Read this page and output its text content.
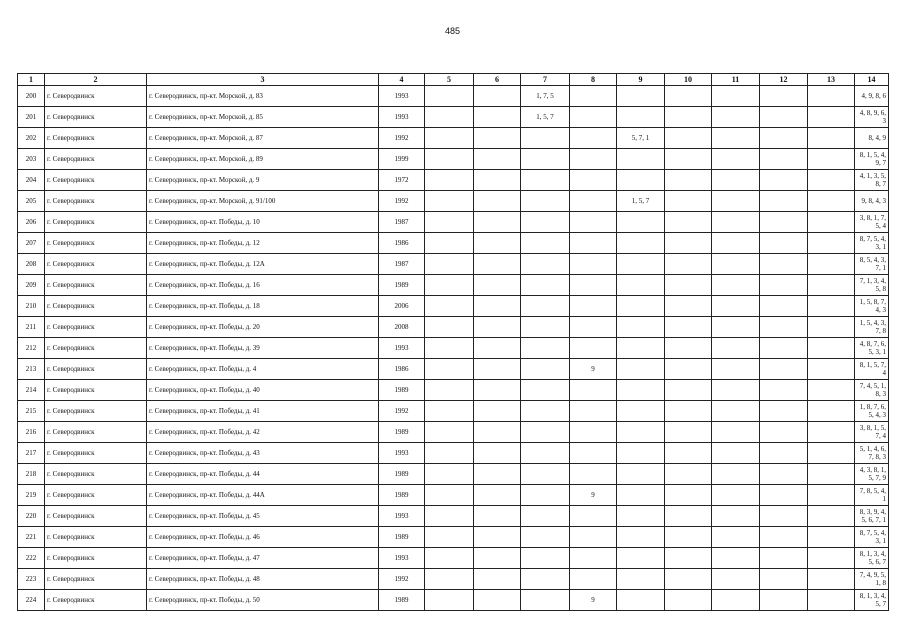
485
1	2	3	4	5	6	7	8	9	10	11	12	13	14
200	г. Северодвинск	г. Северодвинск, пр-кт. Морской, д. 83	1993			1, 7, 5							4, 9, 8, 6
201	г. Северодвинск	г. Северодвинск, пр-кт. Морской, д. 85	1993			1, 5, 7							4, 8, 9, 6, 3
202	г. Северодвинск	г. Северодвинск, пр-кт. Морской, д. 87	1992					5, 7, 1					8, 4, 9
203	г. Северодвинск	г. Северодвинск, пр-кт. Морской, д. 89	1999										8, 1, 5, 4, 9, 7
204	г. Северодвинск	г. Северодвинск, пр-кт. Морской, д. 9	1972										4, 1, 3, 5, 8, 7
205	г. Северодвинск	г. Северодвинск, пр-кт. Морской, д. 91/100	1992					1, 5, 7					9, 8, 4, 3
206	г. Северодвинск	г. Северодвинск, пр-кт. Победы, д. 10	1987										3, 8, 1, 7, 5, 4
207	г. Северодвинск	г. Северодвинск, пр-кт. Победы, д. 12	1986										8, 7, 5, 4, 3, 1
208	г. Северодвинск	г. Северодвинск, пр-кт. Победы, д. 12А	1987										8, 5, 4, 3, 7, 1
209	г. Северодвинск	г. Северодвинск, пр-кт. Победы, д. 16	1989										7, 1, 3, 4, 5, 8
210	г. Северодвинск	г. Северодвинск, пр-кт. Победы, д. 18	2006										1, 5, 8, 7, 4, 3
211	г. Северодвинск	г. Северодвинск, пр-кт. Победы, д. 20	2008										1, 5, 4, 3, 7, 8
212	г. Северодвинск	г. Северодвинск, пр-кт. Победы, д. 39	1993										4, 8, 7, 6, 5, 3, 1
213	г. Северодвинск	г. Северодвинск, пр-кт. Победы, д. 4	1986				9						8, 1, 5, 7, 4
214	г. Северодвинск	г. Северодвинск, пр-кт. Победы, д. 40	1989										7, 4, 5, 1, 8, 3
215	г. Северодвинск	г. Северодвинск, пр-кт. Победы, д. 41	1992										1, 8, 7, 6, 5, 4, 3
216	г. Северодвинск	г. Северодвинск, пр-кт. Победы, д. 42	1989										3, 8, 1, 5, 7, 4
217	г. Северодвинск	г. Северодвинск, пр-кт. Победы, д. 43	1993										5, 1, 4, 6, 7, 8, 3
218	г. Северодвинск	г. Северодвинск, пр-кт. Победы, д. 44	1989										4, 3, 8, 1, 5, 7, 9
219	г. Северодвинск	г. Северодвинск, пр-кт. Победы, д. 44А	1989				9						7, 8, 5, 4, 1
220	г. Северодвинск	г. Северодвинск, пр-кт. Победы, д. 45	1993										8, 3, 9, 4, 5, 6, 7, 1
221	г. Северодвинск	г. Северодвинск, пр-кт. Победы, д. 46	1989										8, 7, 5, 4, 3, 1
222	г. Северодвинск	г. Северодвинск, пр-кт. Победы, д. 47	1993										8, 1, 3, 4, 5, 6, 7
223	г. Северодвинск	г. Северодвинск, пр-кт. Победы, д. 48	1992										7, 4, 9, 5, 1, 8
224	г. Северодвинск	г. Северодвинск, пр-кт. Победы, д. 50	1989				9						8, 1, 3, 4, 5, 7
